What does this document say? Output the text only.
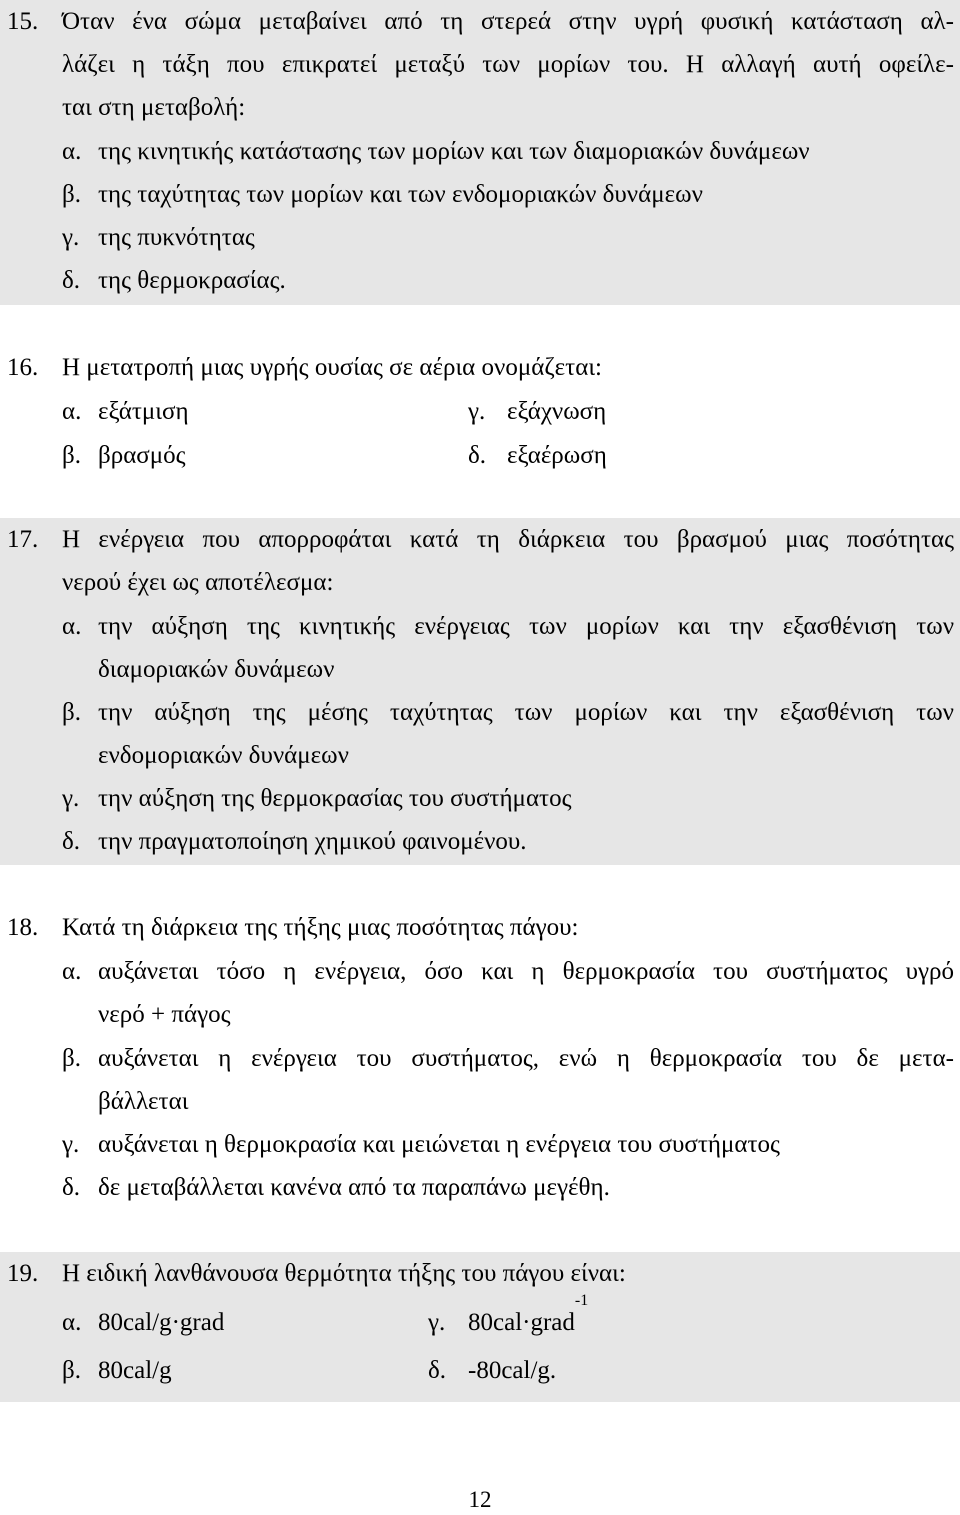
15. Όταν ένα σώμα μεταβαίνει από τη στερεά στην υγρή φυσική κατάσταση αλ-
λάζει η τάξη που επικρατεί μεταξύ των μορίων του. Η αλλαγή αυτή οφείλε-
ται στη μεταβολή:
α. της κινητικής κατάστασης των μορίων και των διαμοριακών δυνάμεων
β. της ταχύτητας των μορίων και των ενδομοριακών δυνάμεων
γ. της πυκνότητας
δ. της θερμοκρασίας.
16. Η μετατροπή μιας υγρής ουσίας σε αέρια ονομάζεται:
α. εξάτμιση	γ. εξάχνωση
β. βρασμός	δ. εξαέρωση
17. Η ενέργεια που απορροφάται κατά τη διάρκεια του βρασμού μιας ποσότητας
νερού έχει ως αποτέλεσμα:
α. την αύξηση της κινητικής ενέργειας των μορίων και την εξασθένιση των
διαμοριακών δυνάμεων
β. την αύξηση της μέσης ταχύτητας των μορίων και την εξασθένιση των
ενδομοριακών δυνάμεων
γ. την αύξηση της θερμοκρασίας του συστήματος
δ. την πραγματοποίηση χημικού φαινομένου.
18. Κατά τη διάρκεια της τήξης μιας ποσότητας πάγου:
α. αυξάνεται τόσο η ενέργεια, όσο και η θερμοκρασία του συστήματος υγρό
νερό + πάγος
β. αυξάνεται η ενέργεια του συστήματος, ενώ η θερμοκρασία του δε μετα-
βάλλεται
γ. αυξάνεται η θερμοκρασία και μειώνεται η ενέργεια του συστήματος
δ. δε μεταβάλλεται κανένα από τα παραπάνω μεγέθη.
19. Η ειδική λανθάνουσα θερμότητα τήξης του πάγου είναι:
α. 80cal/g·grad	γ. 80cal·grad$^{-1}$
β. 80cal/g	δ. -80cal/g.
12
